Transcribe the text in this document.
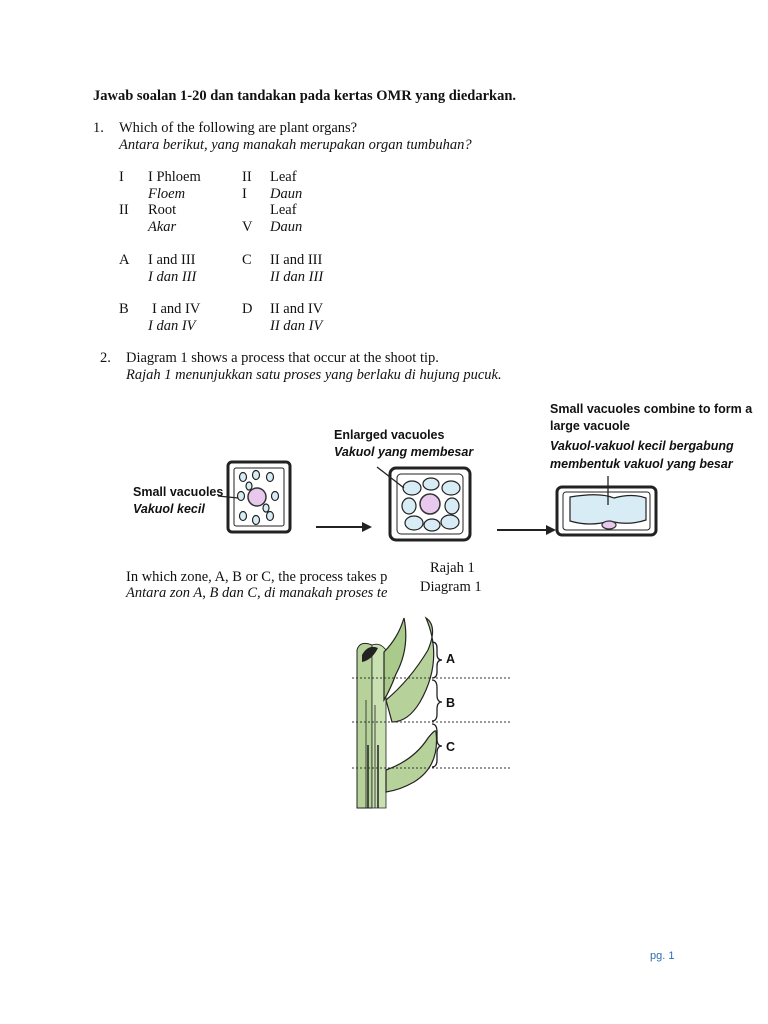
Jawab soalan 1-20 dan tandakan pada kertas OMR yang diedarkan.
1. Which of the following are plant organs?
Antara berikut, yang manakah merupakan organ tumbuhan?
I I Phloem
Floem
II Leaf
Daun
II Root
Akar
I
V
Leaf
Daun
A I and III
I dan III
C II and III
II dan III
B I and IV
I dan IV
D II and IV
II dan IV
2. Diagram 1 shows a process that occur at the shoot tip.
Rajah 1 menunjukkan satu proses yang berlaku di hujung pucuk.
Small vacuoles
Vakuol kecil
Enlarged vacuoles
Vakuol yang membesar
Small vacuoles combine to form a
large vacuole
Vakuol-vakuol kecil bergabung
membentuk vakuol yang besar
Rajah 1
Diagram 1
In which zone, A, B or C, the process takes p
Antara zon A, B dan C, di manakah proses te
A
B
C
pg. 1
